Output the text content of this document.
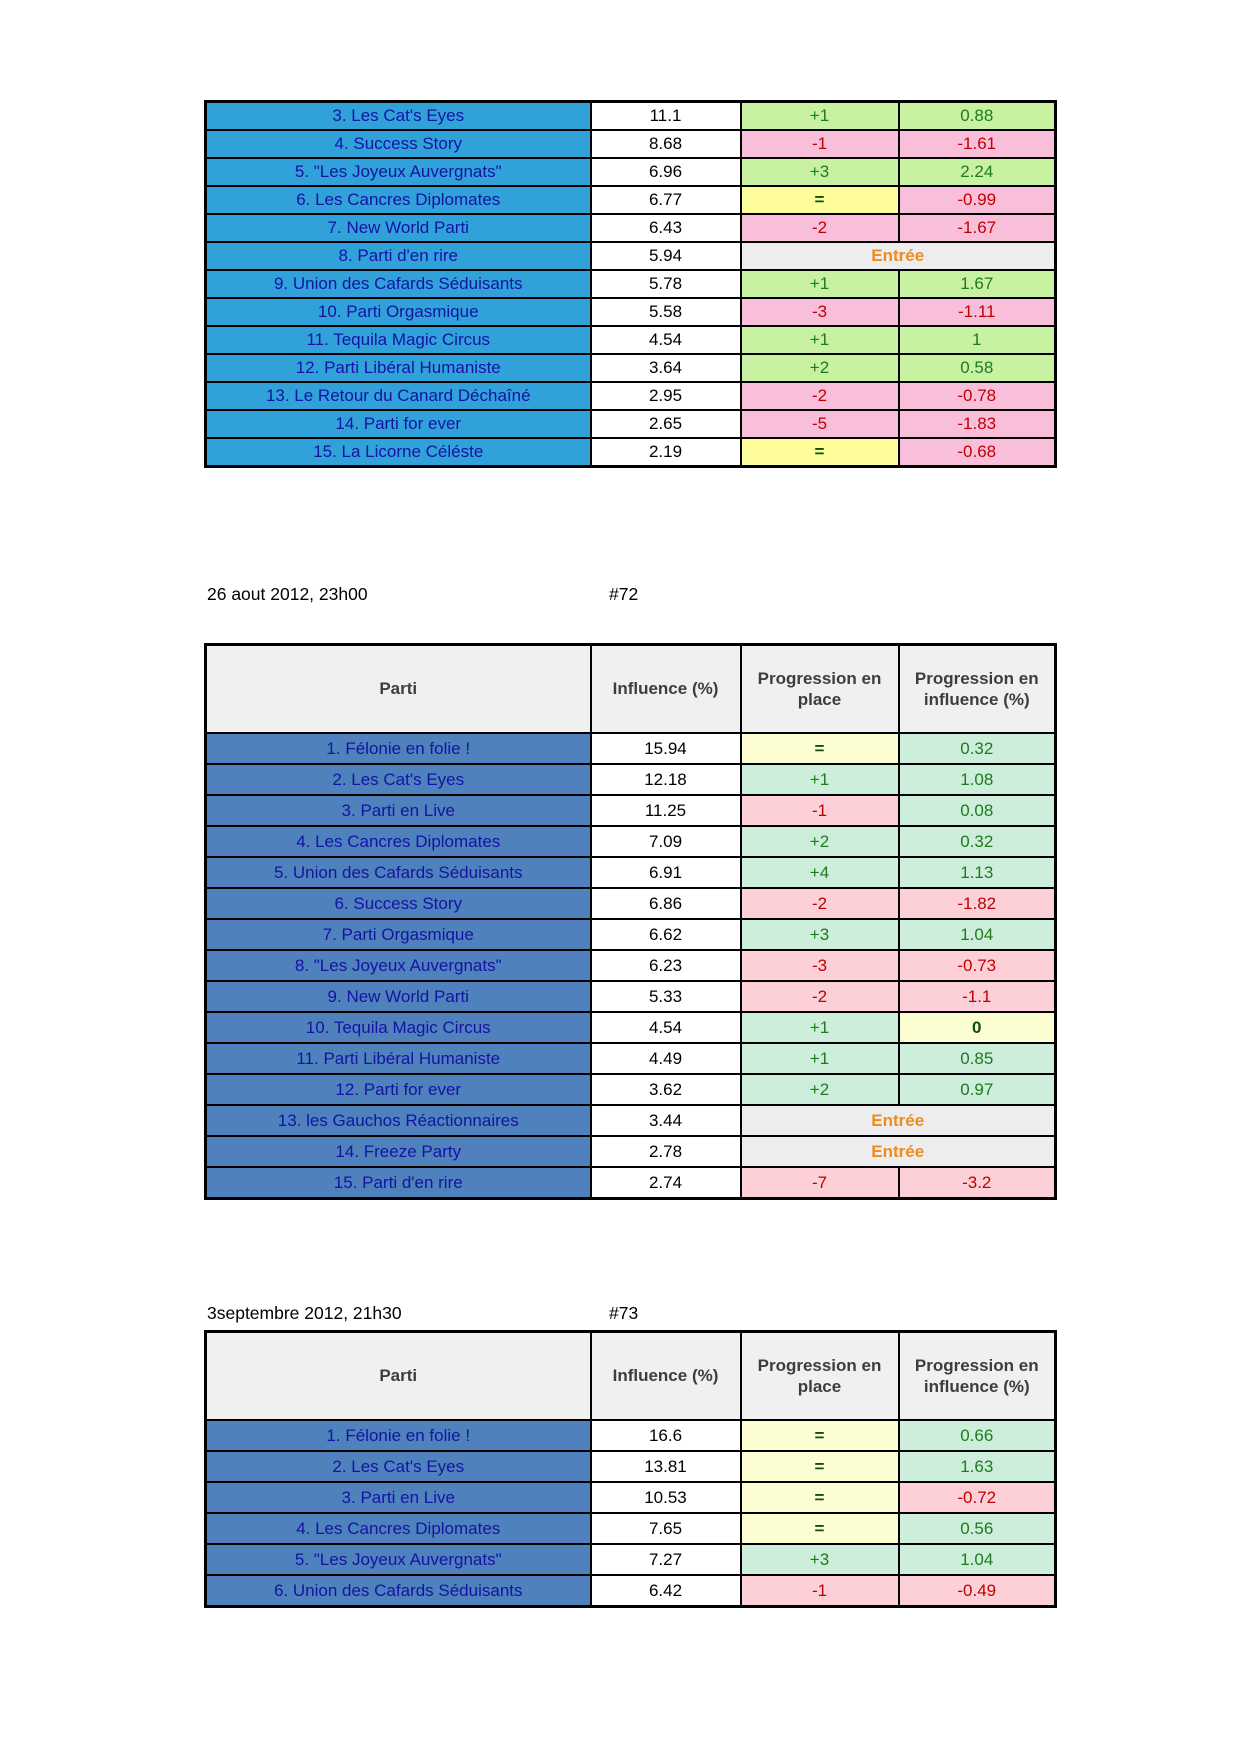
3. Les Cat's Eyes	11.1	+1	0.88
4. Success Story	8.68	-1	-1.61
5. "Les Joyeux Auvergnats"	6.96	+3	2.24
6. Les Cancres Diplomates	6.77	=	-0.99
7. New World Parti	6.43	-2	-1.67
8. Parti d'en rire	5.94	Entrée	
9. Union des Cafards Séduisants	5.78	+1	1.67
10. Parti Orgasmique	5.58	-3	-1.11
11. Tequila Magic Circus	4.54	+1	1
12. Parti Libéral Humaniste	3.64	+2	0.58
13. Le Retour du Canard Déchaîné	2.95	-2	-0.78
14. Parti for ever	2.65	-5	-1.83
15. La Licorne Céléste	2.19	=	-0.68
26 aout 2012, 23h00	#72
Parti	Influence (%)	Progression en place	Progression en influence (%)
1. Félonie en folie !	15.94	=	0.32
2. Les Cat's Eyes	12.18	+1	1.08
3. Parti en Live	11.25	-1	0.08
4. Les Cancres Diplomates	7.09	+2	0.32
5. Union des Cafards Séduisants	6.91	+4	1.13
6. Success Story	6.86	-2	-1.82
7. Parti Orgasmique	6.62	+3	1.04
8. "Les Joyeux Auvergnats"	6.23	-3	-0.73
9. New World Parti	5.33	-2	-1.1
10. Tequila Magic Circus	4.54	+1	0
11. Parti Libéral Humaniste	4.49	+1	0.85
12. Parti for ever	3.62	+2	0.97
13. les Gauchos Réactionnaires	3.44	Entrée	
14. Freeze Party	2.78	Entrée	
15. Parti d'en rire	2.74	-7	-3.2
3septembre 2012, 21h30	#73
Parti	Influence (%)	Progression en place	Progression en influence (%)
1. Félonie en folie !	16.6	=	0.66
2. Les Cat's Eyes	13.81	=	1.63
3. Parti en Live	10.53	=	-0.72
4. Les Cancres Diplomates	7.65	=	0.56
5. "Les Joyeux Auvergnats"	7.27	+3	1.04
6. Union des Cafards Séduisants	6.42	-1	-0.49
